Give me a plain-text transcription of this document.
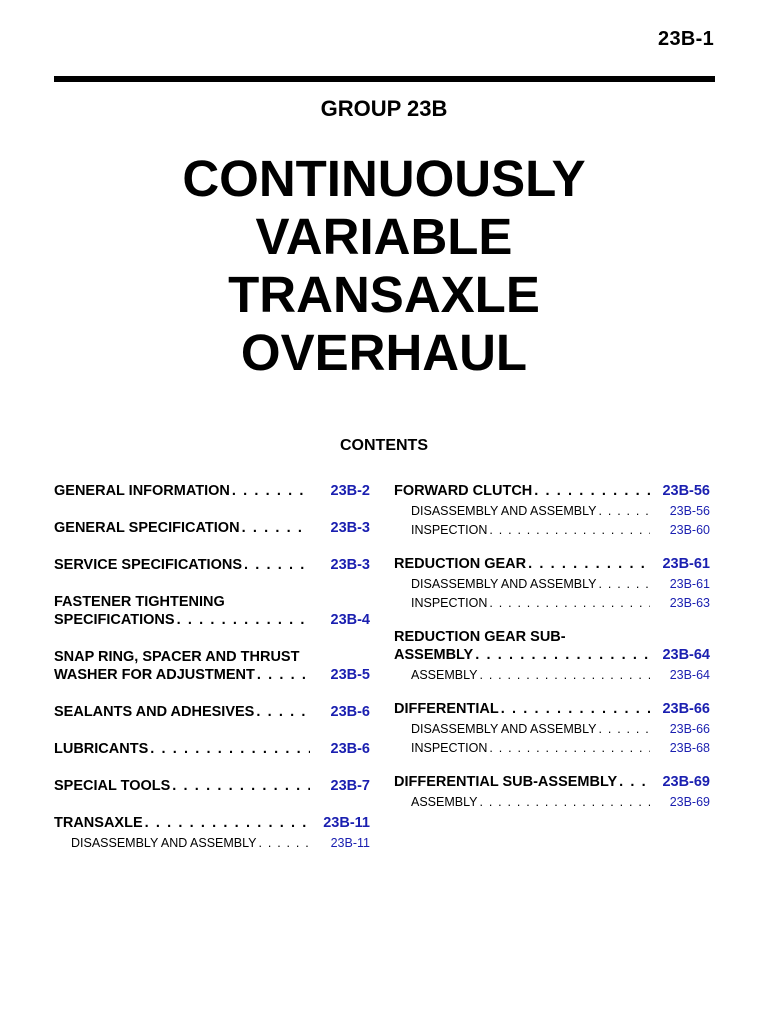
23B-1
GROUP 23B
CONTINUOUSLY
VARIABLE
TRANSAXLE
OVERHAUL
CONTENTS
GENERAL INFORMATION . . .	23B-2
GENERAL SPECIFICATION . . .	23B-3
SERVICE SPECIFICATIONS . . .	23B-3
FASTENER TIGHTENING
SPECIFICATIONS . . .	23B-4
SNAP RING, SPACER AND THRUST
WASHER FOR ADJUSTMENT . . .	23B-5
SEALANTS AND ADHESIVES . . .	23B-6
LUBRICANTS . . .	23B-6
SPECIAL TOOLS . . .	23B-7
TRANSAXLE . . .	23B-11
DISASSEMBLY AND ASSEMBLY . . .	23B-11
FORWARD CLUTCH . . .	23B-56
DISASSEMBLY AND ASSEMBLY . . .	23B-56
INSPECTION . . .	23B-60
REDUCTION GEAR . . .	23B-61
DISASSEMBLY AND ASSEMBLY . . .	23B-61
INSPECTION . . .	23B-63
REDUCTION GEAR SUB-
ASSEMBLY . . .	23B-64
ASSEMBLY . . .	23B-64
DIFFERENTIAL . . .	23B-66
DISASSEMBLY AND ASSEMBLY . . .	23B-66
INSPECTION . . .	23B-68
DIFFERENTIAL SUB-ASSEMBLY . . .	23B-69
ASSEMBLY . . .	23B-69
